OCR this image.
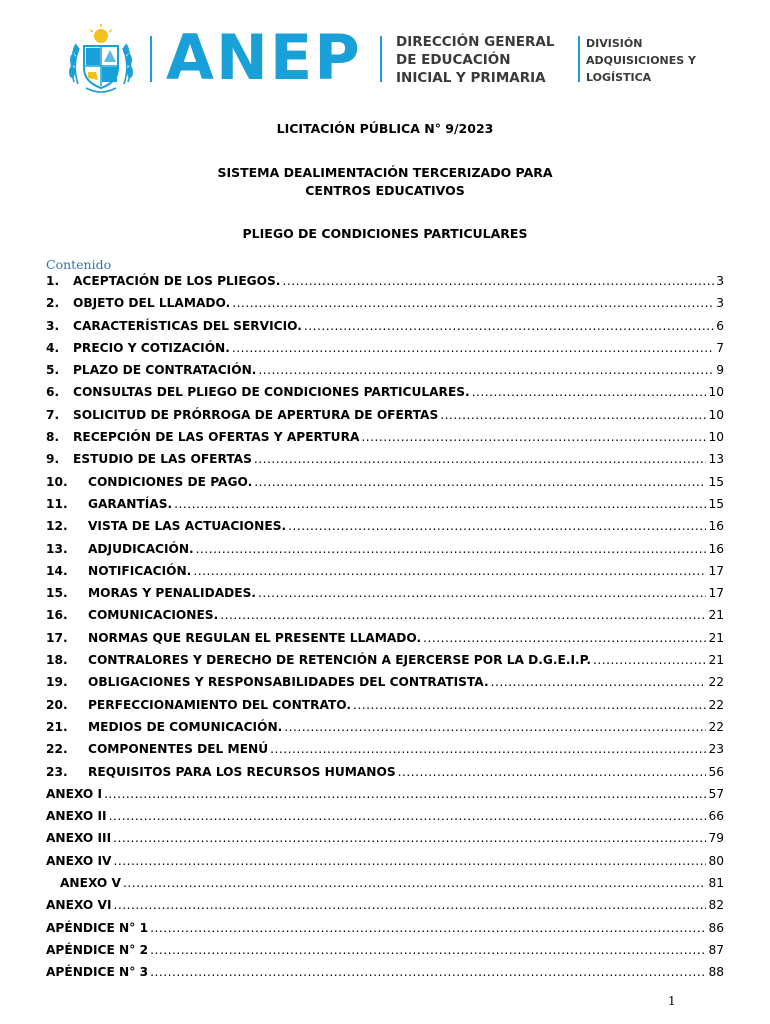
ANEP	DIRECCIÓN GENERAL
DE EDUCACIÓN
INICIAL Y PRIMARIA
DIVISIÓN
ADQUISICIONES Y
LOGÍSTICA
LICITACIÓN PÚBLICA N° 9/2023
SISTEMA DEALIMENTACIÓN TERCERIZADO PARA
CENTROS EDUCATIVOS
PLIEGO DE CONDICIONES PARTICULARES
Contenido
1.	ACEPTACIÓN DE LOS PLIEGOS. .....	3
2.	OBJETO DEL LLAMADO. .....	3
3.	CARACTERÍSTICAS DEL SERVICIO. .....	6
4.	PRECIO Y COTIZACIÓN. .....	7
5.	PLAZO DE CONTRATACIÓN. .....	9
6.	CONSULTAS DEL PLIEGO DE CONDICIONES PARTICULARES. .....	10
7.	SOLICITUD DE PRÓRROGA DE APERTURA DE OFERTAS .....	10
8.	RECEPCIÓN DE LAS OFERTAS Y APERTURA .....	10
9.	ESTUDIO DE LAS OFERTAS .....	13
10.	CONDICIONES DE PAGO. .....	15
11.	GARANTÍAS. .....	15
12.	VISTA DE LAS ACTUACIONES. .....	16
13.	ADJUDICACIÓN. .....	16
14.	NOTIFICACIÓN. .....	17
15.	MORAS Y PENALIDADES. .....	17
16.	COMUNICACIONES. .....	21
17.	NORMAS QUE REGULAN EL PRESENTE LLAMADO. .....	21
18.	CONTRALORES Y DERECHO DE RETENCIÓN A EJERCERSE POR LA D.G.E.I.P. .....	21
19.	OBLIGACIONES Y RESPONSABILIDADES DEL CONTRATISTA. .....	22
20.	PERFECCIONAMIENTO DEL CONTRATO. .....	22
21.	MEDIOS DE COMUNICACIÓN. .....	22
22.	COMPONENTES DEL MENÚ .....	23
23.	REQUISITOS PARA LOS RECURSOS HUMANOS .....	56
ANEXO I .....	57
ANEXO II .....	66
ANEXO III .....	79
ANEXO IV .....	80
ANEXO V .....	81
ANEXO VI .....	82
APÉNDICE N° 1 .....	86
APÉNDICE N° 2 .....	87
APÉNDICE N° 3 .....	88
1
